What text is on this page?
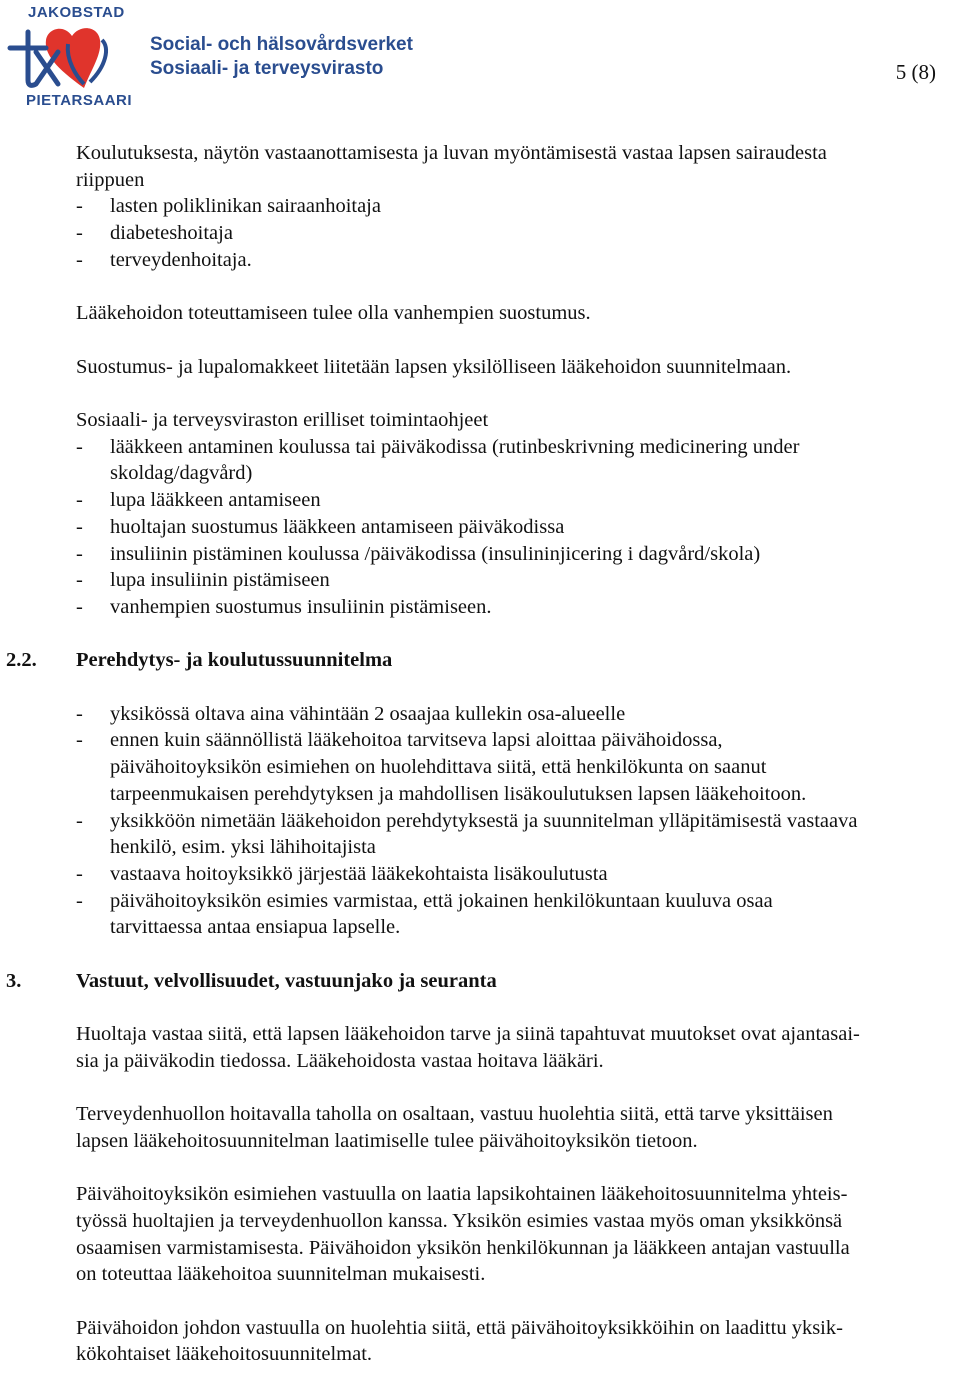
JAKOBSTAD
PIETARSAARI
Social- och hälsovårdsverket
Sosiaali- ja terveysvirasto	5 (8)

Koulutuksesta, näytön vastaanottamisesta ja luvan myöntämisestä vastaa lapsen sairaudesta

riippuen

- lasten poliklinikan sairaanhoitaja
- diabeteshoitaja
- terveydenhoitaja.
Lääkehoidon toteuttamiseen tulee olla vanhempien suostumus.
Suostumus- ja lupalomakkeet liitetään lapsen yksilölliseen lääkehoidon suunnitelmaan.

Sosiaali- ja terveysviraston erilliset toimintaohjeet

- lääkkeen antaminen koulussa tai päiväkodissa (rutinbeskrivning medicinering under
skoldag/dagvård)
- lupa lääkkeen antamiseen
- huoltajan suostumus lääkkeen antamiseen päiväkodissa
- insuliinin pistäminen koulussa /päiväkodissa (insulininjicering i dagvård/skola)
- lupa insuliinin pistämiseen
- vanhempien suostumus insuliinin pistämiseen.
2.2. Perehdytys- ja koulutussuunnitelma
- yksikössä oltava aina vähintään 2 osaajaa kullekin osa-alueelle
- ennen kuin säännöllistä lääkehoitoa tarvitseva lapsi aloittaa päivähoidossa,
päivähoitoyksikön esimiehen on huolehdittava siitä, että henkilökunta on saanut
tarpeenmukaisen perehdytyksen ja mahdollisen lisäkoulutuksen lapsen lääkehoitoon.
- yksikköön nimetään lääkehoidon perehdytyksestä ja suunnitelman ylläpitämisestä vastaava
henkilö, esim. yksi lähihoitajista
- vastaava hoitoyksikkö järjestää lääkekohtaista lisäkoulutusta
- päivähoitoyksikön esimies varmistaa, että jokainen henkilökuntaan kuuluva osaa
tarvittaessa antaa ensiapua lapselle.
3.	Vastuut, velvollisuudet, vastuunjako ja seuranta
Huoltaja vastaa siitä, että lapsen lääkehoidon tarve ja siinä tapahtuvat muutokset ovat ajantasai-
sia ja päiväkodin tiedossa. Lääkehoidosta vastaa hoitava lääkäri.
Terveydenhuollon hoitavalla taholla on osaltaan, vastuu huolehtia siitä, että tarve yksittäisen
lapsen lääkehoitosuunnitelman laatimiselle tulee päivähoitoyksikön tietoon.
Päivähoitoyksikön esimiehen vastuulla on laatia lapsikohtainen lääkehoitosuunnitelma yhteis-
työssä huoltajien ja terveydenhuollon kanssa. Yksikön esimies vastaa myös oman yksikkönsä
osaamisen varmistamisesta. Päivähoidon yksikön henkilökunnan ja lääkkeen antajan vastuulla
on toteuttaa lääkehoitoa suunnitelman mukaisesti.
Päivähoidon johdon vastuulla on huolehtia siitä, että päivähoitoyksikköihin on laadittu yksik-
kökohtaiset lääkehoitosuunnitelmat.
